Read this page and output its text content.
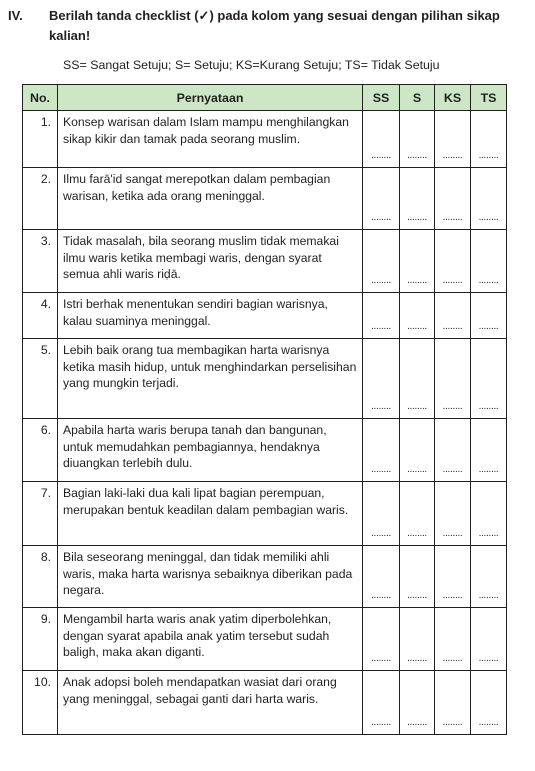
IV. Berilah tanda checklist (✓) pada kolom yang sesuai dengan pilihan sikap kalian!
SS= Sangat Setuju; S= Setuju; KS=Kurang Setuju; TS= Tidak Setuju
No.	Pernyataan	SS	S	KS	TS
1.	Konsep warisan dalam Islam mampu menghilangkan sikap kikir dan tamak pada seorang muslim.	........	........	........	........
2.	Ilmu farā'id sangat merepotkan dalam pembagian warisan, ketika ada orang meninggal.	........	........	........	........
3.	Tidak masalah, bila seorang muslim tidak memakai ilmu waris ketika membagi waris, dengan syarat semua ahli waris riḍā.	........	........	........	........
4.	Istri berhak menentukan sendiri bagian warisnya, kalau suaminya meninggal.	........	........	........	........
5.	Lebih baik orang tua membagikan harta warisnya ketika masih hidup, untuk menghindarkan perselisihan yang mungkin terjadi.	........	........	........	........
6.	Apabila harta waris berupa tanah dan bangunan, untuk memudahkan pembagiannya, hendaknya diuangkan terlebih dulu.	........	........	........	........
7.	Bagian laki-laki dua kali lipat bagian perempuan, merupakan bentuk keadilan dalam pembagian waris.	........	........	........	........
8.	Bila seseorang meninggal, dan tidak memiliki ahli waris, maka harta warisnya sebaiknya diberikan pada negara.	........	........	........	........
9.	Mengambil harta waris anak yatim diperbolehkan, dengan syarat apabila anak yatim tersebut sudah baligh, maka akan diganti.	........	........	........	........
10.	Anak adopsi boleh mendapatkan wasiat dari orang yang meninggal, sebagai ganti dari harta waris.	........	........	........	........
